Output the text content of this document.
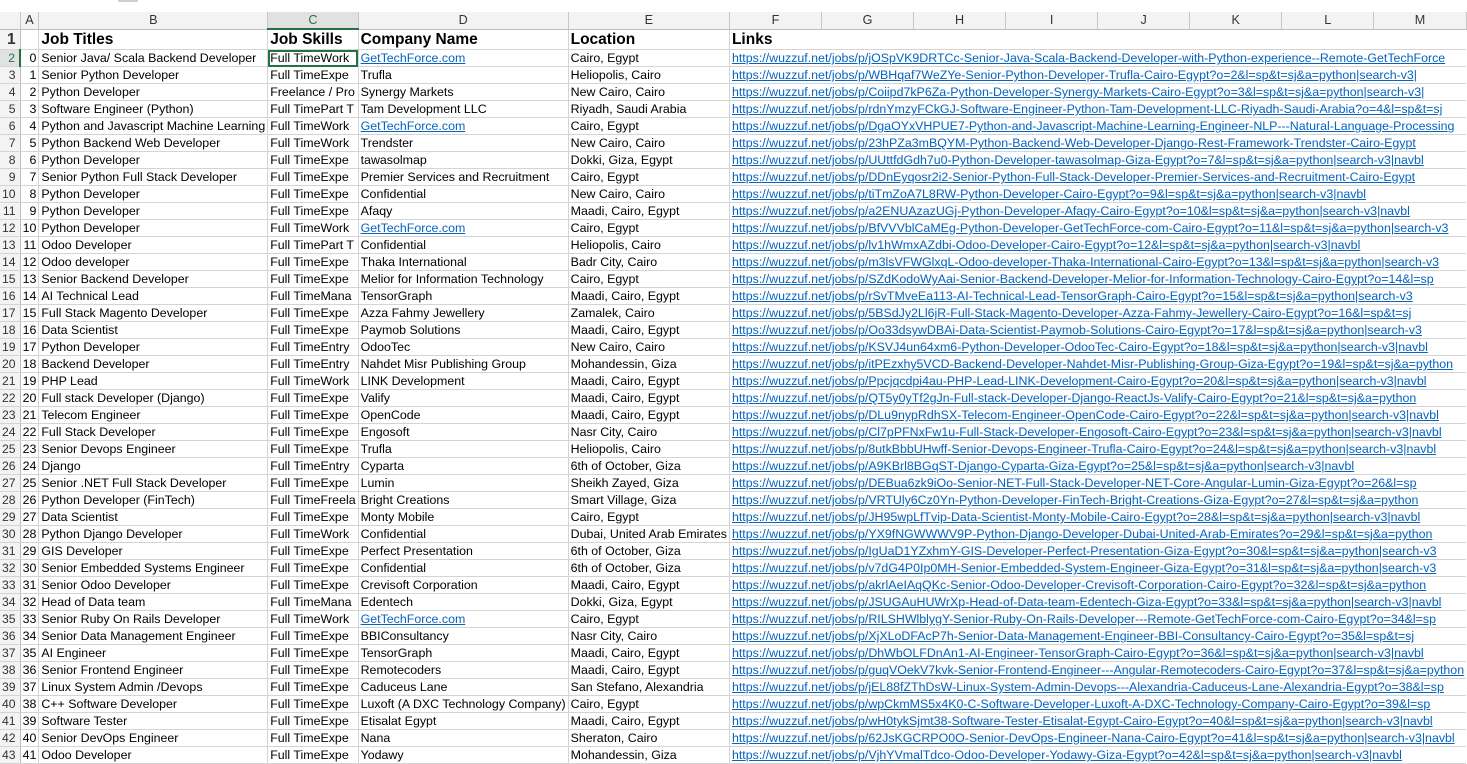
	A	B	C	D	E	F	G	H	I	J	K	L	M
1		Job Titles	Job Skills	Company Name	Location	Links							
2	0	Senior Java/ Scala Backend Developer	Full TimeWork	GetTechForce.com	Cairo, Egypt	https://wuzzuf.net/jobs/p/jOSpVK9DRTCc-Senior-Java-Scala-Backend-Developer-with-Python-experience--Remote-GetTechForce							
3	1	Senior Python Developer	Full TimeExpe	Trufla	Heliopolis, Cairo	https://wuzzuf.net/jobs/p/WBHqaf7WeZYe-Senior-Python-Developer-Trufla-Cairo-Egypt?o=2&l=sp&t=sj&a=python|search-v3|							
4	2	Python Developer	Freelance / Pro	Synergy Markets	New Cairo, Cairo	https://wuzzuf.net/jobs/p/Coiipd7kP6Za-Python-Developer-Synergy-Markets-Cairo-Egypt?o=3&l=sp&t=sj&a=python|search-v3|							
5	3	Software Engineer (Python)	Full TimePart T	Tam Development LLC	Riyadh, Saudi Arabia	https://wuzzuf.net/jobs/p/rdnYmzyFCkGJ-Software-Engineer-Python-Tam-Development-LLC-Riyadh-Saudi-Arabia?o=4&l=sp&t=sj							
6	4	Python and Javascript Machine Learning	Full TimeWork	GetTechForce.com	Cairo, Egypt	https://wuzzuf.net/jobs/p/DgaOYxVHPUE7-Python-and-Javascript-Machine-Learning-Engineer-NLP---Natural-Language-Processing							
7	5	Python Backend Web Developer	Full TimeWork	Trendster	New Cairo, Cairo	https://wuzzuf.net/jobs/p/23hPZa3mBQYM-Python-Backend-Web-Developer-Django-Rest-Framework-Trendster-Cairo-Egypt							
8	6	Python Developer	Full TimeExpe	tawasolmap	Dokki, Giza, Egypt	https://wuzzuf.net/jobs/p/UUttfdGdh7u0-Python-Developer-tawasolmap-Giza-Egypt?o=7&l=sp&t=sj&a=python|search-v3|navbl							
9	7	Senior Python Full Stack Developer	Full TimeExpe	Premier Services and Recruitment	Cairo, Egypt	https://wuzzuf.net/jobs/p/DDnEyqosr2i2-Senior-Python-Full-Stack-Developer-Premier-Services-and-Recruitment-Cairo-Egypt							
10	8	Python Developer	Full TimeExpe	Confidential	New Cairo, Cairo	https://wuzzuf.net/jobs/p/tiTmZoA7L8RW-Python-Developer-Cairo-Egypt?o=9&l=sp&t=sj&a=python|search-v3|navbl							
11	9	Python Developer	Full TimeExpe	Afaqy	Maadi, Cairo, Egypt	https://wuzzuf.net/jobs/p/a2ENUAzazUGj-Python-Developer-Afaqy-Cairo-Egypt?o=10&l=sp&t=sj&a=python|search-v3|navbl							
12	10	Python Developer	Full TimeWork	GetTechForce.com	Cairo, Egypt	https://wuzzuf.net/jobs/p/BfVVVblCaMEg-Python-Developer-GetTechForce-com-Cairo-Egypt?o=11&l=sp&t=sj&a=python|search-v3							
13	11	Odoo Developer	Full TimePart T	Confidential	Heliopolis, Cairo	https://wuzzuf.net/jobs/p/lv1hWmxAZdbi-Odoo-Developer-Cairo-Egypt?o=12&l=sp&t=sj&a=python|search-v3|navbl							
14	12	Odoo developer	Full TimeExpe	Thaka International	Badr City, Cairo	https://wuzzuf.net/jobs/p/m3lsVFWGlxqL-Odoo-developer-Thaka-International-Cairo-Egypt?o=13&l=sp&t=sj&a=python|search-v3							
15	13	Senior Backend Developer	Full TimeExpe	Melior for Information Technology	Cairo, Egypt	https://wuzzuf.net/jobs/p/SZdKodoWyAai-Senior-Backend-Developer-Melior-for-Information-Technology-Cairo-Egypt?o=14&l=sp							
16	14	AI Technical Lead	Full TimeMana	TensorGraph	Maadi, Cairo, Egypt	https://wuzzuf.net/jobs/p/rSvTMveEa113-AI-Technical-Lead-TensorGraph-Cairo-Egypt?o=15&l=sp&t=sj&a=python|search-v3							
17	15	Full Stack Magento Developer	Full TimeExpe	Azza Fahmy Jewellery	Zamalek, Cairo	https://wuzzuf.net/jobs/p/5BSdJy2Ll6jR-Full-Stack-Magento-Developer-Azza-Fahmy-Jewellery-Cairo-Egypt?o=16&l=sp&t=sj							
18	16	Data Scientist	Full TimeExpe	Paymob Solutions	Maadi, Cairo, Egypt	https://wuzzuf.net/jobs/p/Oo33dsywDBAi-Data-Scientist-Paymob-Solutions-Cairo-Egypt?o=17&l=sp&t=sj&a=python|search-v3							
19	17	Python Developer	Full TimeEntry	OdooTec	New Cairo, Cairo	https://wuzzuf.net/jobs/p/KSVJ4un64xm6-Python-Developer-OdooTec-Cairo-Egypt?o=18&l=sp&t=sj&a=python|search-v3|navbl							
20	18	Backend Developer	Full TimeEntry	Nahdet Misr Publishing Group	Mohandessin, Giza	https://wuzzuf.net/jobs/p/itPEzxhy5VCD-Backend-Developer-Nahdet-Misr-Publishing-Group-Giza-Egypt?o=19&l=sp&t=sj&a=python							
21	19	PHP Lead	Full TimeWork	LINK Development	Maadi, Cairo, Egypt	https://wuzzuf.net/jobs/p/Ppcjqcdpi4au-PHP-Lead-LINK-Development-Cairo-Egypt?o=20&l=sp&t=sj&a=python|search-v3|navbl							
22	20	Full stack Developer (Django)	Full TimeExpe	Valify	Maadi, Cairo, Egypt	https://wuzzuf.net/jobs/p/QT5y0yTf2gJn-Full-stack-Developer-Django-ReactJs-Valify-Cairo-Egypt?o=21&l=sp&t=sj&a=python							
23	21	Telecom Engineer	Full TimeExpe	OpenCode	Maadi, Cairo, Egypt	https://wuzzuf.net/jobs/p/DLu9nypRdhSX-Telecom-Engineer-OpenCode-Cairo-Egypt?o=22&l=sp&t=sj&a=python|search-v3|navbl							
24	22	Full Stack Developer	Full TimeExpe	Engosoft	Nasr City, Cairo	https://wuzzuf.net/jobs/p/Cl7pPFNxFw1u-Full-Stack-Developer-Engosoft-Cairo-Egypt?o=23&l=sp&t=sj&a=python|search-v3|navbl							
25	23	Senior Devops Engineer	Full TimeExpe	Trufla	Heliopolis, Cairo	https://wuzzuf.net/jobs/p/8utkBbbUHwff-Senior-Devops-Engineer-Trufla-Cairo-Egypt?o=24&l=sp&t=sj&a=python|search-v3|navbl							
26	24	Django	Full TimeEntry	Cyparta	6th of October, Giza	https://wuzzuf.net/jobs/p/A9KBrl8BGqST-Django-Cyparta-Giza-Egypt?o=25&l=sp&t=sj&a=python|search-v3|navbl							
27	25	Senior .NET Full Stack Developer	Full TimeExpe	Lumin	Sheikh Zayed, Giza	https://wuzzuf.net/jobs/p/DEBua6zk9iOo-Senior-NET-Full-Stack-Developer-NET-Core-Angular-Lumin-Giza-Egypt?o=26&l=sp							
28	26	Python Developer (FinTech)	Full TimeFreela	Bright Creations	Smart Village, Giza	https://wuzzuf.net/jobs/p/VRTUly6Cz0Yn-Python-Developer-FinTech-Bright-Creations-Giza-Egypt?o=27&l=sp&t=sj&a=python							
29	27	Data Scientist	Full TimeExpe	Monty Mobile	Cairo, Egypt	https://wuzzuf.net/jobs/p/JH95wpLfTvip-Data-Scientist-Monty-Mobile-Cairo-Egypt?o=28&l=sp&t=sj&a=python|search-v3|navbl							
30	28	Python Django Developer	Full TimeWork	Confidential	Dubai, United Arab Emirates	https://wuzzuf.net/jobs/p/YX9fNGWWWV9P-Python-Django-Developer-Dubai-United-Arab-Emirates?o=29&l=sp&t=sj&a=python							
31	29	GIS Developer	Full TimeExpe	Perfect Presentation	6th of October, Giza	https://wuzzuf.net/jobs/p/IgUaD1YZxhmY-GIS-Developer-Perfect-Presentation-Giza-Egypt?o=30&l=sp&t=sj&a=python|search-v3							
32	30	Senior Embedded Systems Engineer	Full TimeExpe	Confidential	6th of October, Giza	https://wuzzuf.net/jobs/p/v7dG4P0Ip0MH-Senior-Embedded-System-Engineer-Giza-Egypt?o=31&l=sp&t=sj&a=python|search-v3							
33	31	Senior Odoo Developer	Full TimeExpe	Crevisoft Corporation	Maadi, Cairo, Egypt	https://wuzzuf.net/jobs/p/akrlAeIAqQKc-Senior-Odoo-Developer-Crevisoft-Corporation-Cairo-Egypt?o=32&l=sp&t=sj&a=python							
34	32	Head of Data team	Full TimeMana	Edentech	Dokki, Giza, Egypt	https://wuzzuf.net/jobs/p/JSUGAuHUWrXp-Head-of-Data-team-Edentech-Giza-Egypt?o=33&l=sp&t=sj&a=python|search-v3|navbl							
35	33	Senior Ruby On Rails Developer	Full TimeWork	GetTechForce.com	Cairo, Egypt	https://wuzzuf.net/jobs/p/RILSHWlblygY-Senior-Ruby-On-Rails-Developer---Remote-GetTechForce-com-Cairo-Egypt?o=34&l=sp							
36	34	Senior Data Management Engineer	Full TimeExpe	BBIConsultancy	Nasr City, Cairo	https://wuzzuf.net/jobs/p/XjXLoDFAcP7h-Senior-Data-Management-Engineer-BBI-Consultancy-Cairo-Egypt?o=35&l=sp&t=sj							
37	35	AI Engineer	Full TimeExpe	TensorGraph	Maadi, Cairo, Egypt	https://wuzzuf.net/jobs/p/DhWbOLFDnAn1-AI-Engineer-TensorGraph-Cairo-Egypt?o=36&l=sp&t=sj&a=python|search-v3|navbl							
38	36	Senior Frontend Engineer	Full TimeExpe	Remotecoders	Maadi, Cairo, Egypt	https://wuzzuf.net/jobs/p/guqVOekV7kvk-Senior-Frontend-Engineer---Angular-Remotecoders-Cairo-Egypt?o=37&l=sp&t=sj&a=python							
39	37	Linux System Admin /Devops	Full TimeExpe	Caduceus Lane	San Stefano, Alexandria	https://wuzzuf.net/jobs/p/jEL88fZThDsW-Linux-System-Admin-Devops---Alexandria-Caduceus-Lane-Alexandria-Egypt?o=38&l=sp							
40	38	C++ Software Developer	Full TimeExpe	Luxoft (A DXC Technology Company)	Cairo, Egypt	https://wuzzuf.net/jobs/p/wpCkmMS5x4K0-C-Software-Developer-Luxoft-A-DXC-Technology-Company-Cairo-Egypt?o=39&l=sp							
41	39	Software Tester	Full TimeExpe	Etisalat Egypt	Maadi, Cairo, Egypt	https://wuzzuf.net/jobs/p/wH0tykSjmt38-Software-Tester-Etisalat-Egypt-Cairo-Egypt?o=40&l=sp&t=sj&a=python|search-v3|navbl							
42	40	Senior DevOps Engineer	Full TimeExpe	Nana	Sheraton, Cairo	https://wuzzuf.net/jobs/p/62JsKGCRPO0O-Senior-DevOps-Engineer-Nana-Cairo-Egypt?o=41&l=sp&t=sj&a=python|search-v3|navbl							
43	41	Odoo Developer	Full TimeExpe	Yodawy	Mohandessin, Giza	https://wuzzuf.net/jobs/p/VjhYVmalTdco-Odoo-Developer-Yodawy-Giza-Egypt?o=42&l=sp&t=sj&a=python|search-v3|navbl							
